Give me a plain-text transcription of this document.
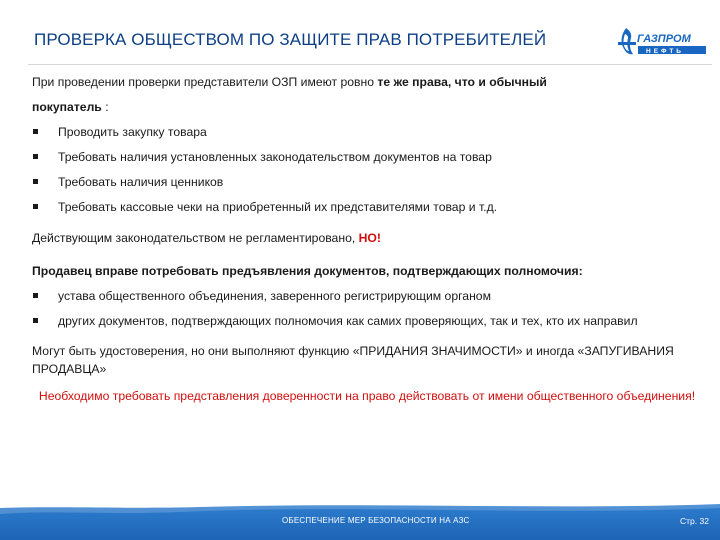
ПРОВЕРКА ОБЩЕСТВОМ ПО ЗАЩИТЕ ПРАВ ПОТРЕБИТЕЛЕЙ	ГАЗПРОМ
НЕФТЬ

При проведении проверки представители ОЗП имеют ровно те же права, что и обычный
покупатель :

Проводить закупку товара
Требовать наличия установленных законодательством документов на товар
Требовать наличия ценников
Требовать кассовые чеки на приобретенный их представителями товар и т.д.

Действующим законодательством не регламентировано, НО!

Продавец вправе потребовать предъявления документов, подтверждающих полномочия:

устава общественного объединения, заверенного регистрирующим органом
других документов, подтверждающих полномочия как самих проверяющих, так и тех, кто их направил

Могут быть удостоверения, но они выполняют функцию «ПРИДАНИЯ ЗНАЧИМОСТИ» и иногда «ЗАПУГИВАНИЯ ПРОДАВЦА»

Необходимо требовать представления доверенности на право действовать от имени общественного объединения!

ОБЕСПЕЧЕНИЕ МЕР БЕЗОПАСНОСТИ НА АЗС	Стр. 32
